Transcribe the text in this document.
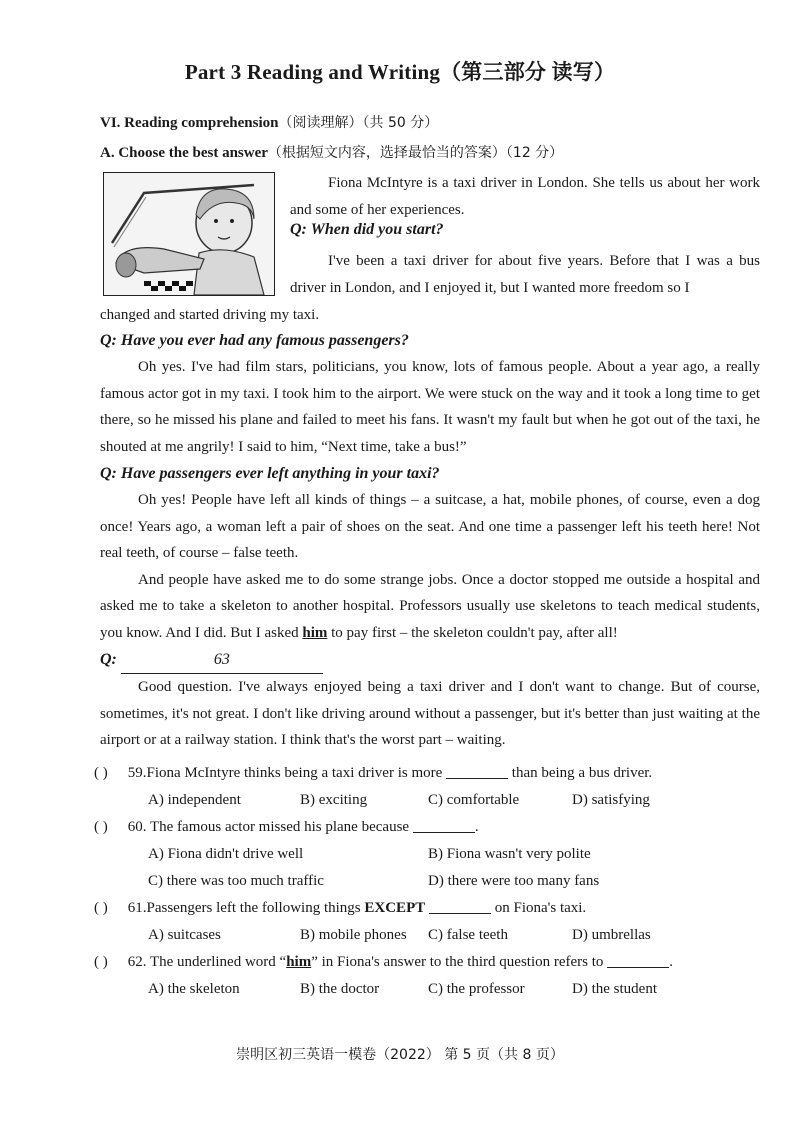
Part 3 Reading and Writing（第三部分 读写）
VI. Reading comprehension（阅读理解）（共 50 分）
A. Choose the best answer（根据短文内容，选择最恰当的答案）（12 分）
Fiona McIntyre is a taxi driver in London. She tells us about her work and some of her experiences.

Q: When did you start?

I've been a taxi driver for about five years. Before that I was a bus driver in London, and I enjoyed it, but I wanted more freedom so I
changed and started driving my taxi.

Q: Have you ever had any famous passengers?

Oh yes. I've had film stars, politicians, you know, lots of famous people. About a year ago, a really famous actor got in my taxi. I took him to the airport. We were stuck on the way and it took a long time to get there, so he missed his plane and failed to meet his fans. It wasn't my fault but when he got out of the taxi, he shouted at me angrily! I said to him, “Next time, take a bus!”

Q: Have passengers ever left anything in your taxi?

Oh yes! People have left all kinds of things – a suitcase, a hat, mobile phones, of course, even a dog once! Years ago, a woman left a pair of shoes on the seat. And one time a passenger left his teeth here! Not real teeth, of course – false teeth.

And people have asked me to do some strange jobs. Once a doctor stopped me outside a hospital and asked me to take a skeleton to another hospital. Professors usually use skeletons to teach medical students, you know. And I did. But I asked him to pay first – the skeleton couldn't pay, after all!

Q:	63

Good question. I've always enjoyed being a taxi driver and I don't want to change. But of course, sometimes, it's not great. I don't like driving around without a passenger, but it's better than just waiting at the airport or at a railway station. I think that's the worst part – waiting.

( ) 59.Fiona McIntyre thinks being a taxi driver is more	than being a bus driver.
A) independent	B) exciting	C) comfortable	D) satisfying
( ) 60. The famous actor missed his plane because	.
A) Fiona didn't drive well	B) Fiona wasn't very polite
C) there was too much traffic	D) there were too many fans
( ) 61.Passengers left the following things EXCEPT	on Fiona's taxi.
A) suitcases	B) mobile phones C) false teeth	D) umbrellas
( ) 62. The underlined word “him” in Fiona's answer to the third question refers to	.
A) the skeleton	B) the doctor	C) the professor	D) the student
崇明区初三英语一模卷（2022） 第 5 页（共 8 页）
